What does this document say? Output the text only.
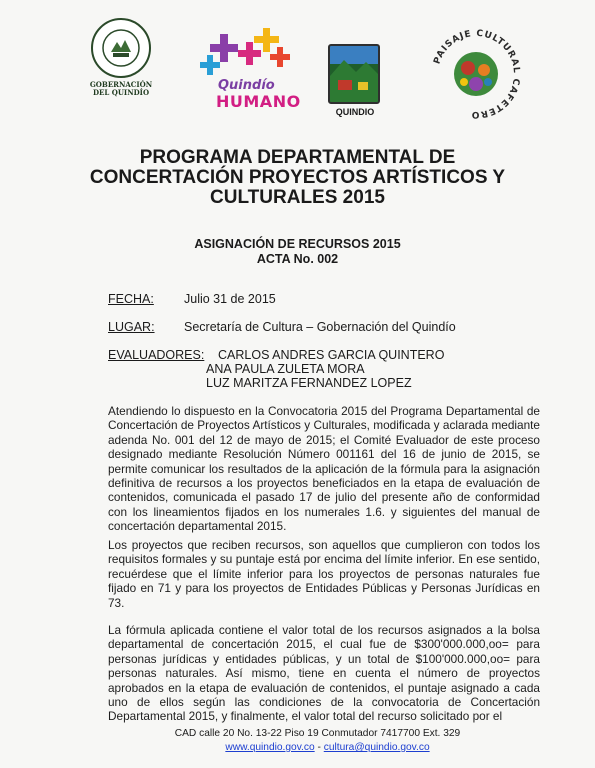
GOBERNACIÓN
DEL QUINDÍO	Quindío
HUMANO
QUINDIO
PAISAJE CULTURAL CAFETERO
PROGRAMA DEPARTAMENTAL DE
CONCERTACIÓN PROYECTOS ARTÍSTICOS Y
CULTURALES 2015
ASIGNACIÓN DE RECURSOS 2015
ACTA No. 002
FECHA: Julio 31 de 2015
LUGAR: Secretaría de Cultura – Gobernación del Quindío
EVALUADORES: CARLOS ANDRES GARCIA QUINTERO
ANA PAULA ZULETA MORA
LUZ MARITZA FERNANDEZ LOPEZ
Atendiendo lo dispuesto en la Convocatoria 2015 del Programa Departamental de Concertación de Proyectos Artísticos y Culturales, modificada y aclarada mediante adenda No. 001 del 12 de mayo de 2015; el Comité Evaluador de este proceso designado mediante Resolución Número 001161 del 16 de junio de 2015, se permite comunicar los resultados de la aplicación de la fórmula para la asignación definitiva de recursos a los proyectos beneficiados en la etapa de evaluación de contenidos, comunicada el pasado 17 de julio del presente año de conformidad con los lineamientos fijados en los numerales 1.6. y siguientes del manual de concertación departamental 2015.
Los proyectos que reciben recursos, son aquellos que cumplieron con todos los requisitos formales y su puntaje está por encima del límite inferior. En ese sentido, recuérdese que el límite inferior para los proyectos de personas naturales fue fijado en 71 y para los proyectos de Entidades Públicas y Personas Jurídicas en 73.
La fórmula aplicada contiene el valor total de los recursos asignados a la bolsa departamental de concertación 2015, el cual fue de $300'000.000,oo= para personas jurídicas y entidades públicas, y un total de $100'000.000,oo= para personas naturales. Así mismo, tiene en cuenta el número de proyectos aprobados en la etapa de evaluación de contenidos, el puntaje asignado a cada uno de ellos según las condiciones de la convocatoria de Concertación Departamental 2015, y finalmente, el valor total del recurso solicitado por el
CAD calle 20 No. 13-22 Piso 19 Conmutador 7417700 Ext. 329
www.quindio.gov.co - cultura@quindio.gov.co
